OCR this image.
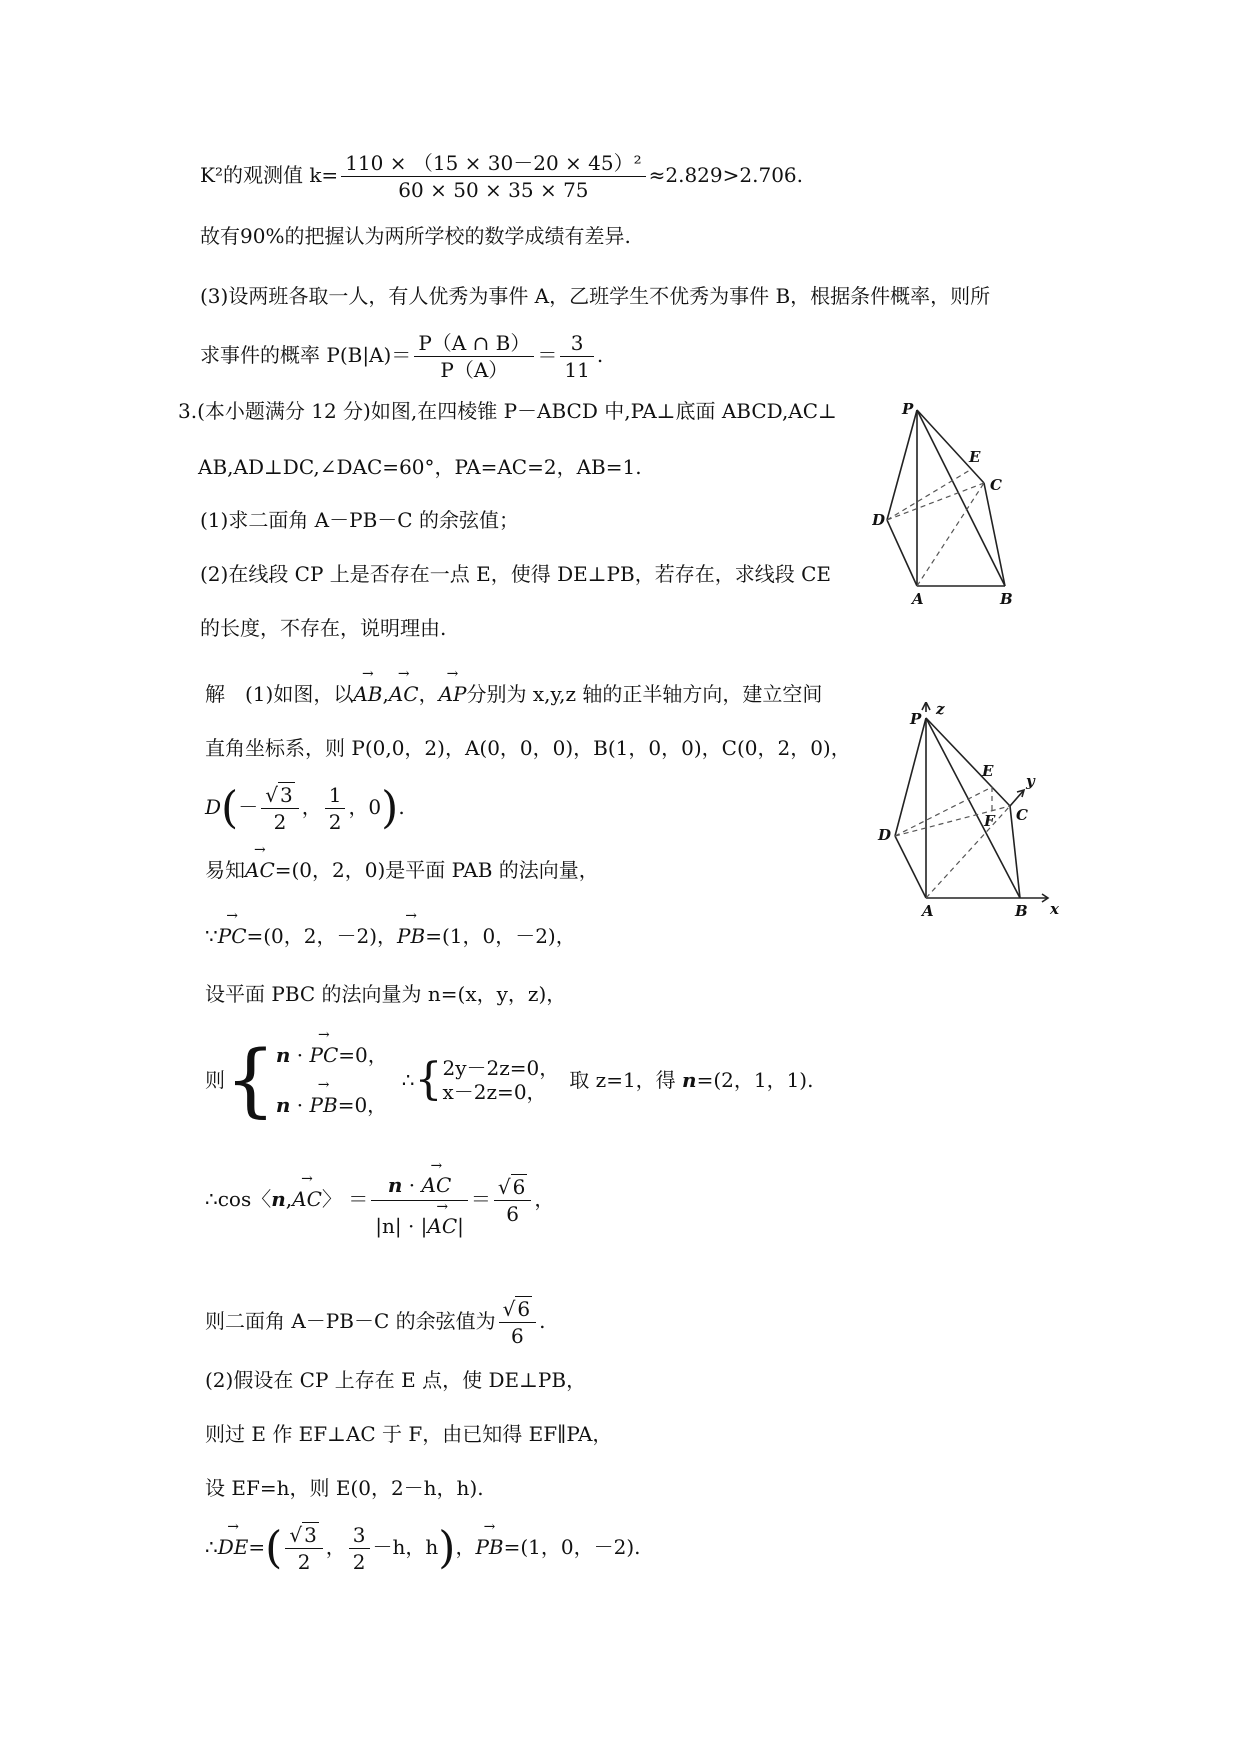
K²的观测值 $k= \frac{\text{110 × （15 × 30－20 × 45）²}}{60 \times 50 \times 35 \times 75} \approx 2.829>2.706$.
故有90%的把握认为两所学校的数学成绩有差异.
(3)设两班各取一人，有人优秀为事件 A，乙班学生不优秀为事件 B，根据条件概率，则所
求事件的概率 $P(B|A)= \frac{P(A \cap B)}{P(A)} = \frac{3}{11}$ .
3.(本小题满分 12 分)如图,在四棱锥 P－ABCD 中,PA⊥底面 ABCD,AC⊥
AB,AD⊥DC,∠DAC=60°，PA=AC=2，AB=1.
(1)求二面角 A－PB－C 的余弦值；
(2)在线段 CP 上是否存在一点 E，使得 DE⊥PB，若存在，求线段 CE
的长度，不存在，说明理由.
P
E
C
D
A	B
解　(1)如图，以→ AB,→ AC，→ AP分别为 x,y,z 轴的正半轴方向，建立空间
直角坐标系，则 P(0,0，2)，A(0，0，0)，B(1，0，0)，C(0，2，0)，
$D(- \frac{√ 3}{2}$ ， $\frac{1}{2}$ ，0).
易知→ AC=(0，2，0)是平面 PAB 的法向量，
∵→ PC=(0，2，－2)，→ PB=(1，0，－2)，
设平面 PBC 的法向量为 n=(x，y，z)，
则{ n · → PC=0，
n · → PB=0，
∴{ 2y－2z=0，
x－2z=0，	取 z=1，得 n=(2，1，1).
∴cos〈n,→ AC〉 ＝ $\frac{n \cdot \to AC}{|n| \cdot |\to AC|} = \frac{√ 6}{6}$ ，
则二面角 A－PB－C 的余弦值为 $\frac{√ 6}{6}$ .
(2)假设在 CP 上存在 E 点，使 DE⊥PB，
则过 E 作 EF⊥AC 于 F，由已知得 EF∥PA，
设 EF=h，则 E(0，2－h，h).
∴→ $DE=( \frac{√ 3}{2}$ ， $\frac{3}{2} -h$，h)，→ PB=(1，0，－2).
z
P
E
y
C
F
D
A	B x
